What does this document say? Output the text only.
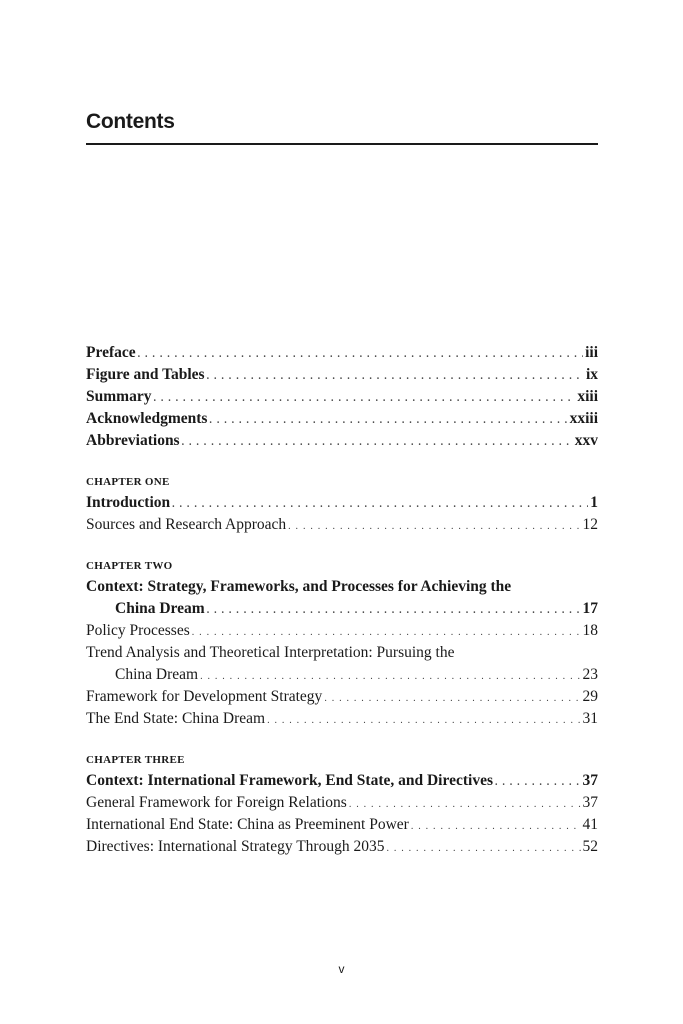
Contents
Preface . . .	iii
Figure and Tables . . .	ix
Summary . . .	xiii
Acknowledgments . . .	xxiii
Abbreviations . . .	xxv
CHAPTER ONE
Introduction . . .	1
Sources and Research Approach . . .	12
CHAPTER TWO
Context: Strategy, Frameworks, and Processes for Achieving the
China Dream . . .	17
Policy Processes . . .	18
Trend Analysis and Theoretical Interpretation: Pursuing the
China Dream . . .	23
Framework for Development Strategy . . .	29
The End State: China Dream . . .	31
CHAPTER THREE
Context: International Framework, End State, and Directives . . .	37
General Framework for Foreign Relations . . .	37
International End State: China as Preeminent Power . . .	41
Directives: International Strategy Through 2035 . . .	52
v
